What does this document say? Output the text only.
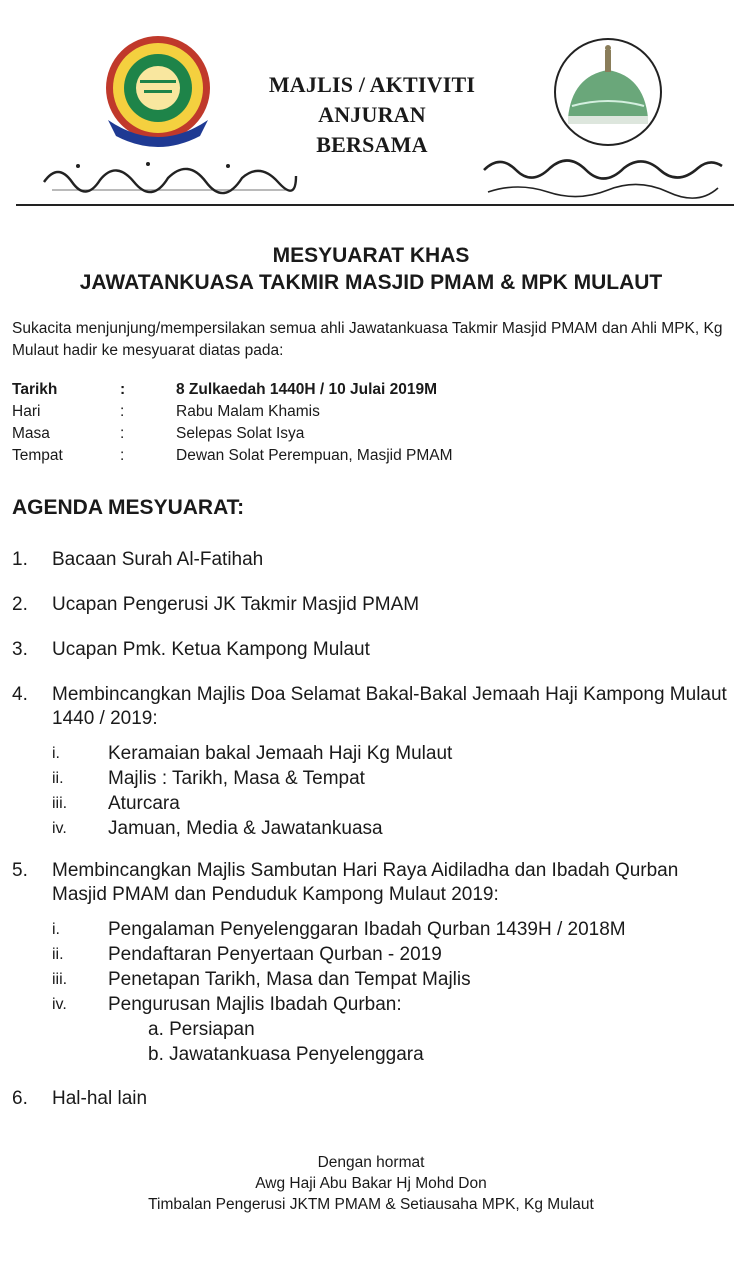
MAJLIS / AKTIVITI
ANJURAN BERSAMA
MESYUARAT KHAS
JAWATANKUASA TAKMIR MASJID PMAM & MPK MULAUT
Sukacita menjunjung/mempersilakan semua ahli Jawatankuasa Takmir Masjid PMAM dan Ahli MPK, Kg Mulaut hadir ke mesyuarat diatas pada:
Tarikh	:	8 Zulkaedah 1440H / 10 Julai 2019M
Hari	:	Rabu Malam Khamis
Masa	:	Selepas Solat Isya
Tempat	:	Dewan Solat Perempuan, Masjid PMAM
AGENDA MESYUARAT:
1. Bacaan Surah Al-Fatihah
2. Ucapan Pengerusi JK Takmir Masjid PMAM
3. Ucapan Pmk. Ketua Kampong Mulaut
4. Membincangkan Majlis Doa Selamat Bakal-Bakal Jemaah Haji Kampong Mulaut 1440 / 2019:
i.	Keramaian bakal Jemaah Haji Kg Mulaut
ii. Majlis : Tarikh, Masa & Tempat
iii. Aturcara
iv. Jamuan, Media & Jawatankuasa
5. Membincangkan Majlis Sambutan Hari Raya Aidiladha dan Ibadah Qurban Masjid PMAM dan Penduduk Kampong Mulaut 2019:
i.	Pengalaman Penyelenggaran Ibadah Qurban 1439H / 2018M
ii. Pendaftaran Penyertaan Qurban - 2019
iii. Penetapan Tarikh, Masa dan Tempat Majlis
iv. Pengurusan Majlis Ibadah Qurban:
a. Persiapan
b. Jawatankuasa Penyelenggara
6. Hal-hal lain
Dengan hormat
Awg Haji Abu Bakar Hj Mohd Don
Timbalan Pengerusi JKTM PMAM & Setiausaha MPK, Kg Mulaut
